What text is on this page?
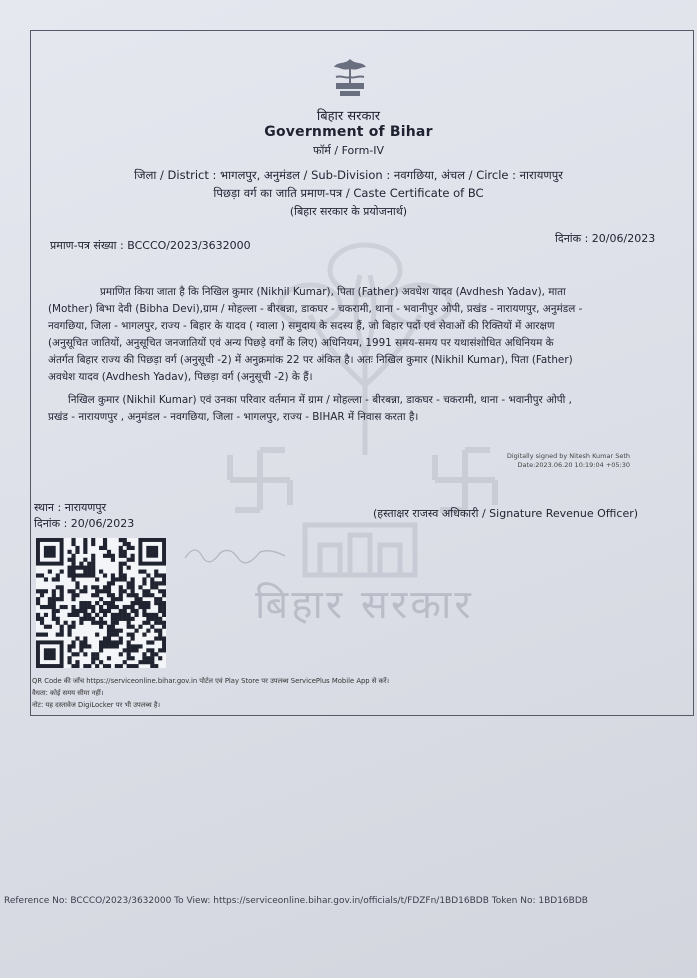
बिहार सरकार
बिहार सरकार
Government of Bihar
फॉर्म / Form-IV
जिला / District : भागलपुर, अनुमंडल / Sub-Division : नवगछिया, अंचल / Circle : नारायणपुर
पिछड़ा वर्ग का जाति प्रमाण-पत्र / Caste Certificate of BC
(बिहार सरकार के प्रयोजनार्थ)
प्रमाण-पत्र संख्या : BCCCO/2023/3632000
दिनांक : 20/06/2023
प्रमाणित किया जाता है कि निखिल कुमार (Nikhil Kumar), पिता (Father) अवधेश यादव (Avdhesh Yadav), माता
(Mother) बिभा देवी (Bibha Devi),ग्राम / मोहल्ला - बीरबन्ना, डाकघर - चकरामी, थाना - भवानीपुर ओपी, प्रखंड - नारायणपुर, अनुमंडल -
नवगछिया, जिला - भागलपुर, राज्य - बिहार के यादव ( ग्वाला ) समुदाय के सदस्य हैं, जो बिहार पदों एवं सेवाओं की रिक्तियों में आरक्षण
(अनुसूचित जातियों, अनुसूचित जनजातियों एवं अन्य पिछड़े वर्गों के लिए) अधिनियम, 1991 समय-समय पर यथासंशोधित अधिनियम के
अंतर्गत बिहार राज्य की पिछड़ा वर्ग (अनुसूची -2) में अनुक्रमांक 22 पर अंकित है। अतः निखिल कुमार (Nikhil Kumar), पिता (Father)
अवधेश यादव (Avdhesh Yadav), पिछड़ा वर्ग (अनुसूची -2) के हैं।
निखिल कुमार (Nikhil Kumar) एवं उनका परिवार वर्तमान में ग्राम / मोहल्ला - बीरबन्ना, डाकघर - चकरामी, थाना - भवानीपुर ओपी ,
प्रखंड - नारायणपुर , अनुमंडल - नवगछिया, जिला - भागलपुर, राज्य - BIHAR में निवास करता है।
Digitally signed by Nitesh Kumar Seth
Date:2023.06.20 10:19:04 +05:30
स्थान : नारायणपुर
दिनांक : 20/06/2023
(हस्ताक्षर राजस्व अधिकारी / Signature Revenue Officer)
QR Code की जाँच https://serviceonline.bihar.gov.in पोर्टल एवं Play Store पर उपलब्ध ServicePlus Mobile App से करें।
वैधता: कोई समय सीमा नहीं।
नोट: यह दस्तावेज DigiLocker पर भी उपलब्ध है।
Reference No: BCCCO/2023/3632000 To View: https://serviceonline.bihar.gov.in/officials/t/FDZFn/1BD16BDB Token No: 1BD16BDB
